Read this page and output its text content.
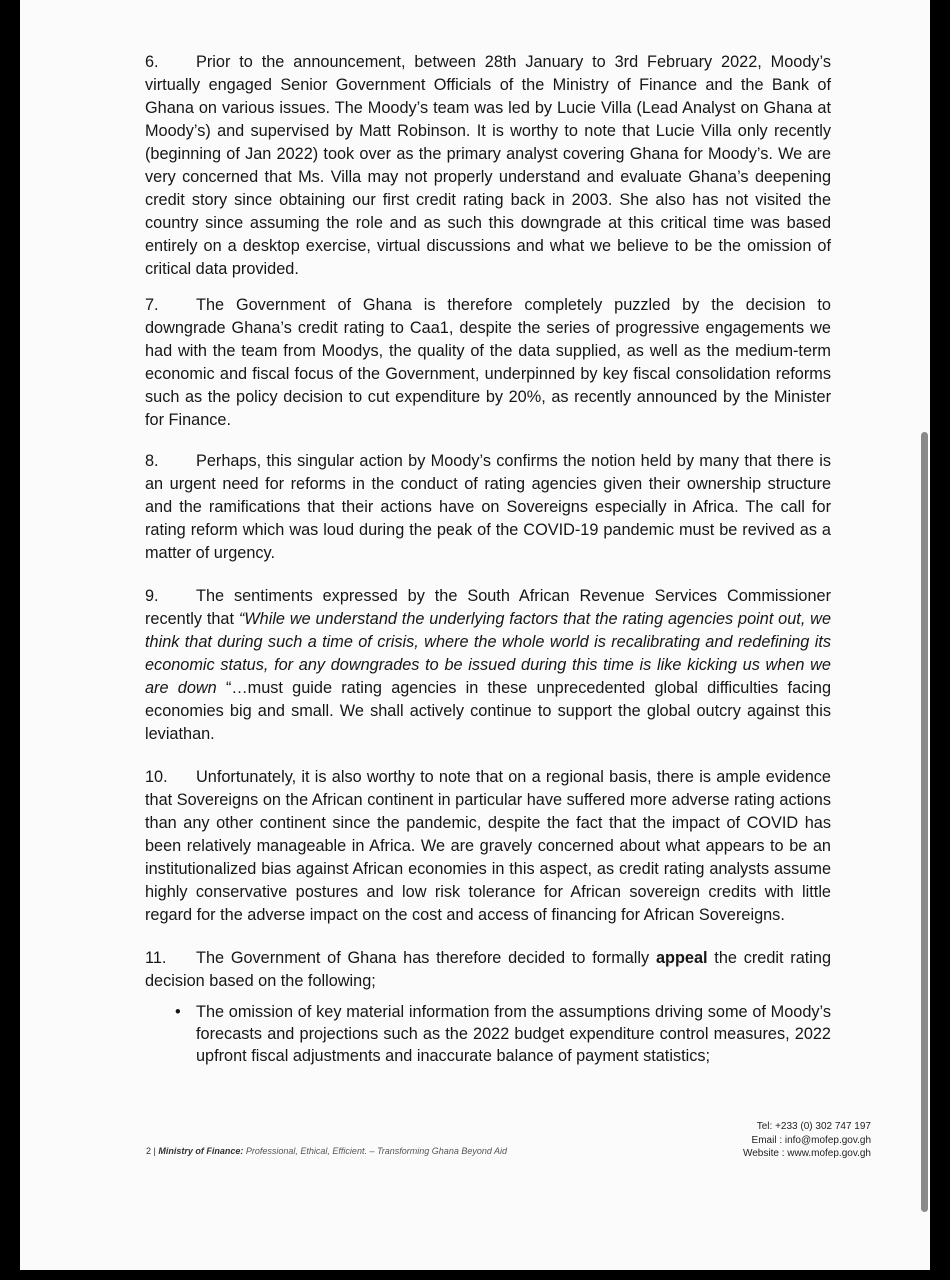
6. Prior to the announcement, between 28th January to 3rd February 2022, Moody’s virtually engaged Senior Government Officials of the Ministry of Finance and the Bank of Ghana on various issues. The Moody’s team was led by Lucie Villa (Lead Analyst on Ghana at Moody’s) and supervised by Matt Robinson. It is worthy to note that Lucie Villa only recently (beginning of Jan 2022) took over as the primary analyst covering Ghana for Moody’s. We are very concerned that Ms. Villa may not properly understand and evaluate Ghana’s deepening credit story since obtaining our first credit rating back in 2003. She also has not visited the country since assuming the role and as such this downgrade at this critical time was based entirely on a desktop exercise, virtual discussions and what we believe to be the omission of critical data provided.

7. The Government of Ghana is therefore completely puzzled by the decision to downgrade Ghana’s credit rating to Caa1, despite the series of progressive engagements we had with the team from Moodys, the quality of the data supplied, as well as the medium-term economic and fiscal focus of the Government, underpinned by key fiscal consolidation reforms such as the policy decision to cut expenditure by 20%, as recently announced by the Minister for Finance.

8. Perhaps, this singular action by Moody’s confirms the notion held by many that there is an urgent need for reforms in the conduct of rating agencies given their ownership structure and the ramifications that their actions have on Sovereigns especially in Africa. The call for rating reform which was loud during the peak of the COVID-19 pandemic must be revived as a matter of urgency.

9. The sentiments expressed by the South African Revenue Services Commissioner recently that “While we understand the underlying factors that the rating agencies point out, we think that during such a time of crisis, where the whole world is recalibrating and redefining its economic status, for any downgrades to be issued during this time is like kicking us when we are down “…must guide rating agencies in these unprecedented global difficulties facing economies big and small. We shall actively continue to support the global outcry against this leviathan.

10. Unfortunately, it is also worthy to note that on a regional basis, there is ample evidence that Sovereigns on the African continent in particular have suffered more adverse rating actions than any other continent since the pandemic, despite the fact that the impact of COVID has been relatively manageable in Africa. We are gravely concerned about what appears to be an institutionalized bias against African economies in this aspect, as credit rating analysts assume highly conservative postures and low risk tolerance for African sovereign credits with little regard for the adverse impact on the cost and access of financing for African Sovereigns.

11. The Government of Ghana has therefore decided to formally appeal the credit rating decision based on the following;

• The omission of key material information from the assumptions driving some of Moody’s forecasts and projections such as the 2022 budget expenditure control measures, 2022 upfront fiscal adjustments and inaccurate balance of payment statistics;
2 | Ministry of Finance: Professional, Ethical, Efficient. – Transforming Ghana Beyond Aid
Tel: +233 (0) 302 747 197
Email : info@mofep.gov.gh
Website : www.mofep.gov.gh
